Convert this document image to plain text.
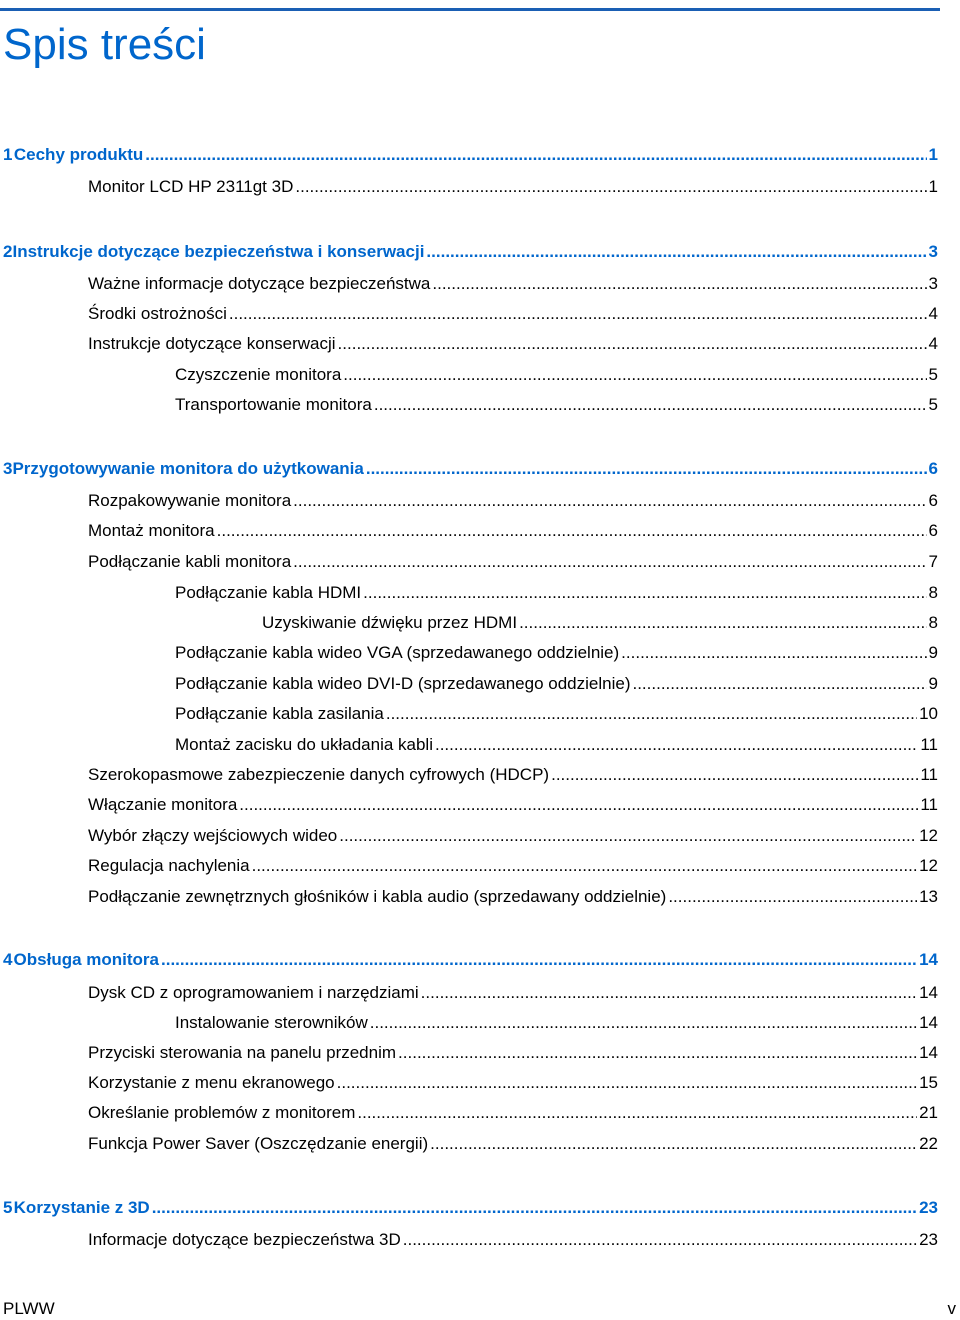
Spis treści
1 Cechy produktu .....	1
Monitor LCD HP 2311gt 3D .....	1
2 Instrukcje dotyczące bezpieczeństwa i konserwacji .....	3
Ważne informacje dotyczące bezpieczeństwa .....	3
Środki ostrożności .....	4
Instrukcje dotyczące konserwacji .....	4
Czyszczenie monitora .....	5
Transportowanie monitora .....	5
3 Przygotowywanie monitora do użytkowania .....	6
Rozpakowywanie monitora .....	6
Montaż monitora .....	6
Podłączanie kabli monitora .....	7
Podłączanie kabla HDMI .....	8
Uzyskiwanie dźwięku przez HDMI .....	8
Podłączanie kabla wideo VGA (sprzedawanego oddzielnie) .....	9
Podłączanie kabla wideo DVI-D (sprzedawanego oddzielnie) .....	9
Podłączanie kabla zasilania .....	10
Montaż zacisku do układania kabli .....	11
Szerokopasmowe zabezpieczenie danych cyfrowych (HDCP) .....	11
Włączanie monitora .....	11
Wybór złączy wejściowych wideo .....	12
Regulacja nachylenia .....	12
Podłączanie zewnętrznych głośników i kabla audio (sprzedawany oddzielnie) .....	13
4 Obsługa monitora .....	14
Dysk CD z oprogramowaniem i narzędziami .....	14
Instalowanie sterowników .....	14
Przyciski sterowania na panelu przednim .....	14
Korzystanie z menu ekranowego .....	15
Określanie problemów z monitorem .....	21
Funkcja Power Saver (Oszczędzanie energii) .....	22
5 Korzystanie z 3D .....	23
Informacje dotyczące bezpieczeństwa 3D .....	23
PLWW	v
